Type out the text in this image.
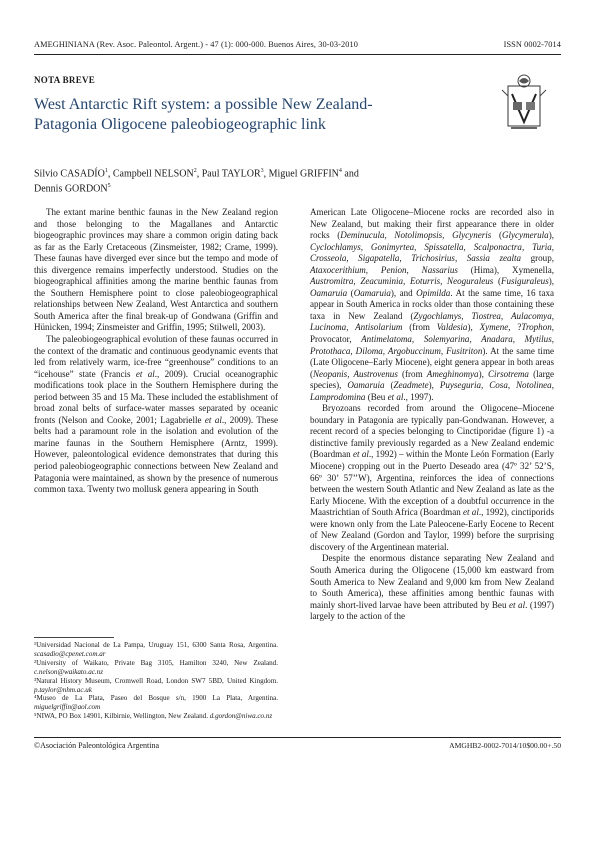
AMEGHINIANA (Rev. Asoc. Paleontol. Argent.) - 47 (1): 000-000. Buenos Aires, 30-03-2010	ISSN 0002-7014
NOTA BREVE
West Antarctic Rift system: a possible New Zealand-
Patagonia Oligocene paleobiogeographic link
Silvio CASADÍO$^1$, Campbell NELSON$^2$, Paul TAYLOR$^3$, Miguel GRIFFIN$^4$ and
Dennis GORDON$^5$

The extant marine benthic faunas in the New Zealand region and those belonging to the Magallanes and Antarctic biogeographic provinces may share a common origin dating back as far as the Early Cretaceous (Zinsmeister, 1982; Crame, 1999). These faunas have diverged ever since but the tempo and mode of this divergence remains imperfectly understood. Studies on the biogeographical affinities among the marine benthic faunas from the Southern Hemisphere point to close paleobiogeographical relationships between New Zealand, West Antarctica and southern South America after the final break-up of Gondwana (Griffin and Hünicken, 1994; Zinsmeister and Griffin, 1995; Stilwell, 2003).

The paleobiogeographical evolution of these faunas occurred in the context of the dramatic and continuous geodynamic events that led from relatively warm, ice-free “greenhouse” conditions to an “icehouse” state (Francis et al., 2009). Crucial oceanographic modifications took place in the Southern Hemisphere during the period between 35 and 15 Ma. These included the establishment of broad zonal belts of surface-water masses separated by oceanic fronts (Nelson and Cooke, 2001; Lagabrielle et al., 2009). These belts had a paramount role in the isolation and evolution of the marine faunas in the Southern Hemisphere (Arntz, 1999). However, paleontological evidence demonstrates that during this period paleobiogeographic connections between New Zealand and Patagonia were maintained, as shown by the presence of numerous common taxa. Twenty two mollusk genera appearing in South

American Late Oligocene–Miocene rocks are recorded also in New Zealand, but making their first appearance there in older rocks (Deminucula, Notolimopsis, Glycyneris (Glycymerula), Cyclochlamys, Gonimyrtea, Spissatella, Scalponactra, Turia, Crosseola, Sigapatella, Trichosirius, Sassia zealta group, Ataxocerithium, Penion, Nassarius (Hima), Xymenella, Austromitra, Zeacuminia, Eoturris, Neoguraleus (Fusiguraleus), Oamaruia (Oamaruia), and Opimilda. At the same time, 16 taxa appear in South America in rocks older than those containing these taxa in New Zealand (Zygochlamys, Tiostrea, Aulacomya, Lucinoma, Antisolarium (from Valdesia), Xymene, ?Trophon, Provocator, Antimelatoma, Solemyarina, Anadara, Mytilus, Protothaca, Diloma, Argobuccinum, Fusitriton). At the same time (Late Oligocene–Early Miocene), eight genera appear in both areas (Neopanis, Austrovenus (from Ameghinomya), Cirsotrema (large species), Oamaruia (Zeadmete), Puyseguria, Cosa, Notolinea, Lamprodomina (Beu et al., 1997).

Bryozoans recorded from around the Oligocene–Miocene boundary in Patagonia are typically pan-Gondwanan. However, a recent record of a species belonging to Cinctiporidae (figure 1) -a distinctive family previously regarded as a New Zealand endemic (Boardman et al., 1992) – within the Monte León Formation (Early Miocene) cropping out in the Puerto Deseado area (47º 32’ 52’S, 66º 30’ 57’’W), Argentina, reinforces the idea of connections between the western South Atlantic and New Zealand as late as the Early Miocene. With the exception of a doubtful occurrence in the Maastrichtian of South Africa (Boardman et al., 1992), cinctiporids were known only from the Late Paleocene-Early Eocene to Recent of New Zealand (Gordon and Taylor, 1999) before the surprising discovery of the Argentinean material.

Despite the enormous distance separating New Zealand and South America during the Oligocene (15,000 km eastward from South America to New Zealand and 9,000 km from New Zealand to South America), these affinities among benthic faunas with mainly short-lived larvae have been attributed by Beu et al. (1997) largely to the action of the

¹Universidad Nacional de La Pampa, Uruguay 151, 6300 Santa Rosa, Argentina. scasadio@cpenet.com.ar

²University of Waikato, Private Bag 3105, Hamilton 3240, New Zealand. c.nelson@waikato.ac.nz

³Natural History Museum, Cromwell Road, London SW7 5BD, United Kingdom. p.taylor@nhm.ac.uk

⁴Museo de La Plata, Paseo del Bosque s/n, 1900 La Plata, Argentina. miguelgriffin@aol.com

⁵NIWA, PO Box 14901, Kilbirnie, Wellington, New Zealand. d.gordon@niwa.co.nz

©Asociación Paleontológica Argentina	AMGHB2-0002-7014/10$00.00+.50
